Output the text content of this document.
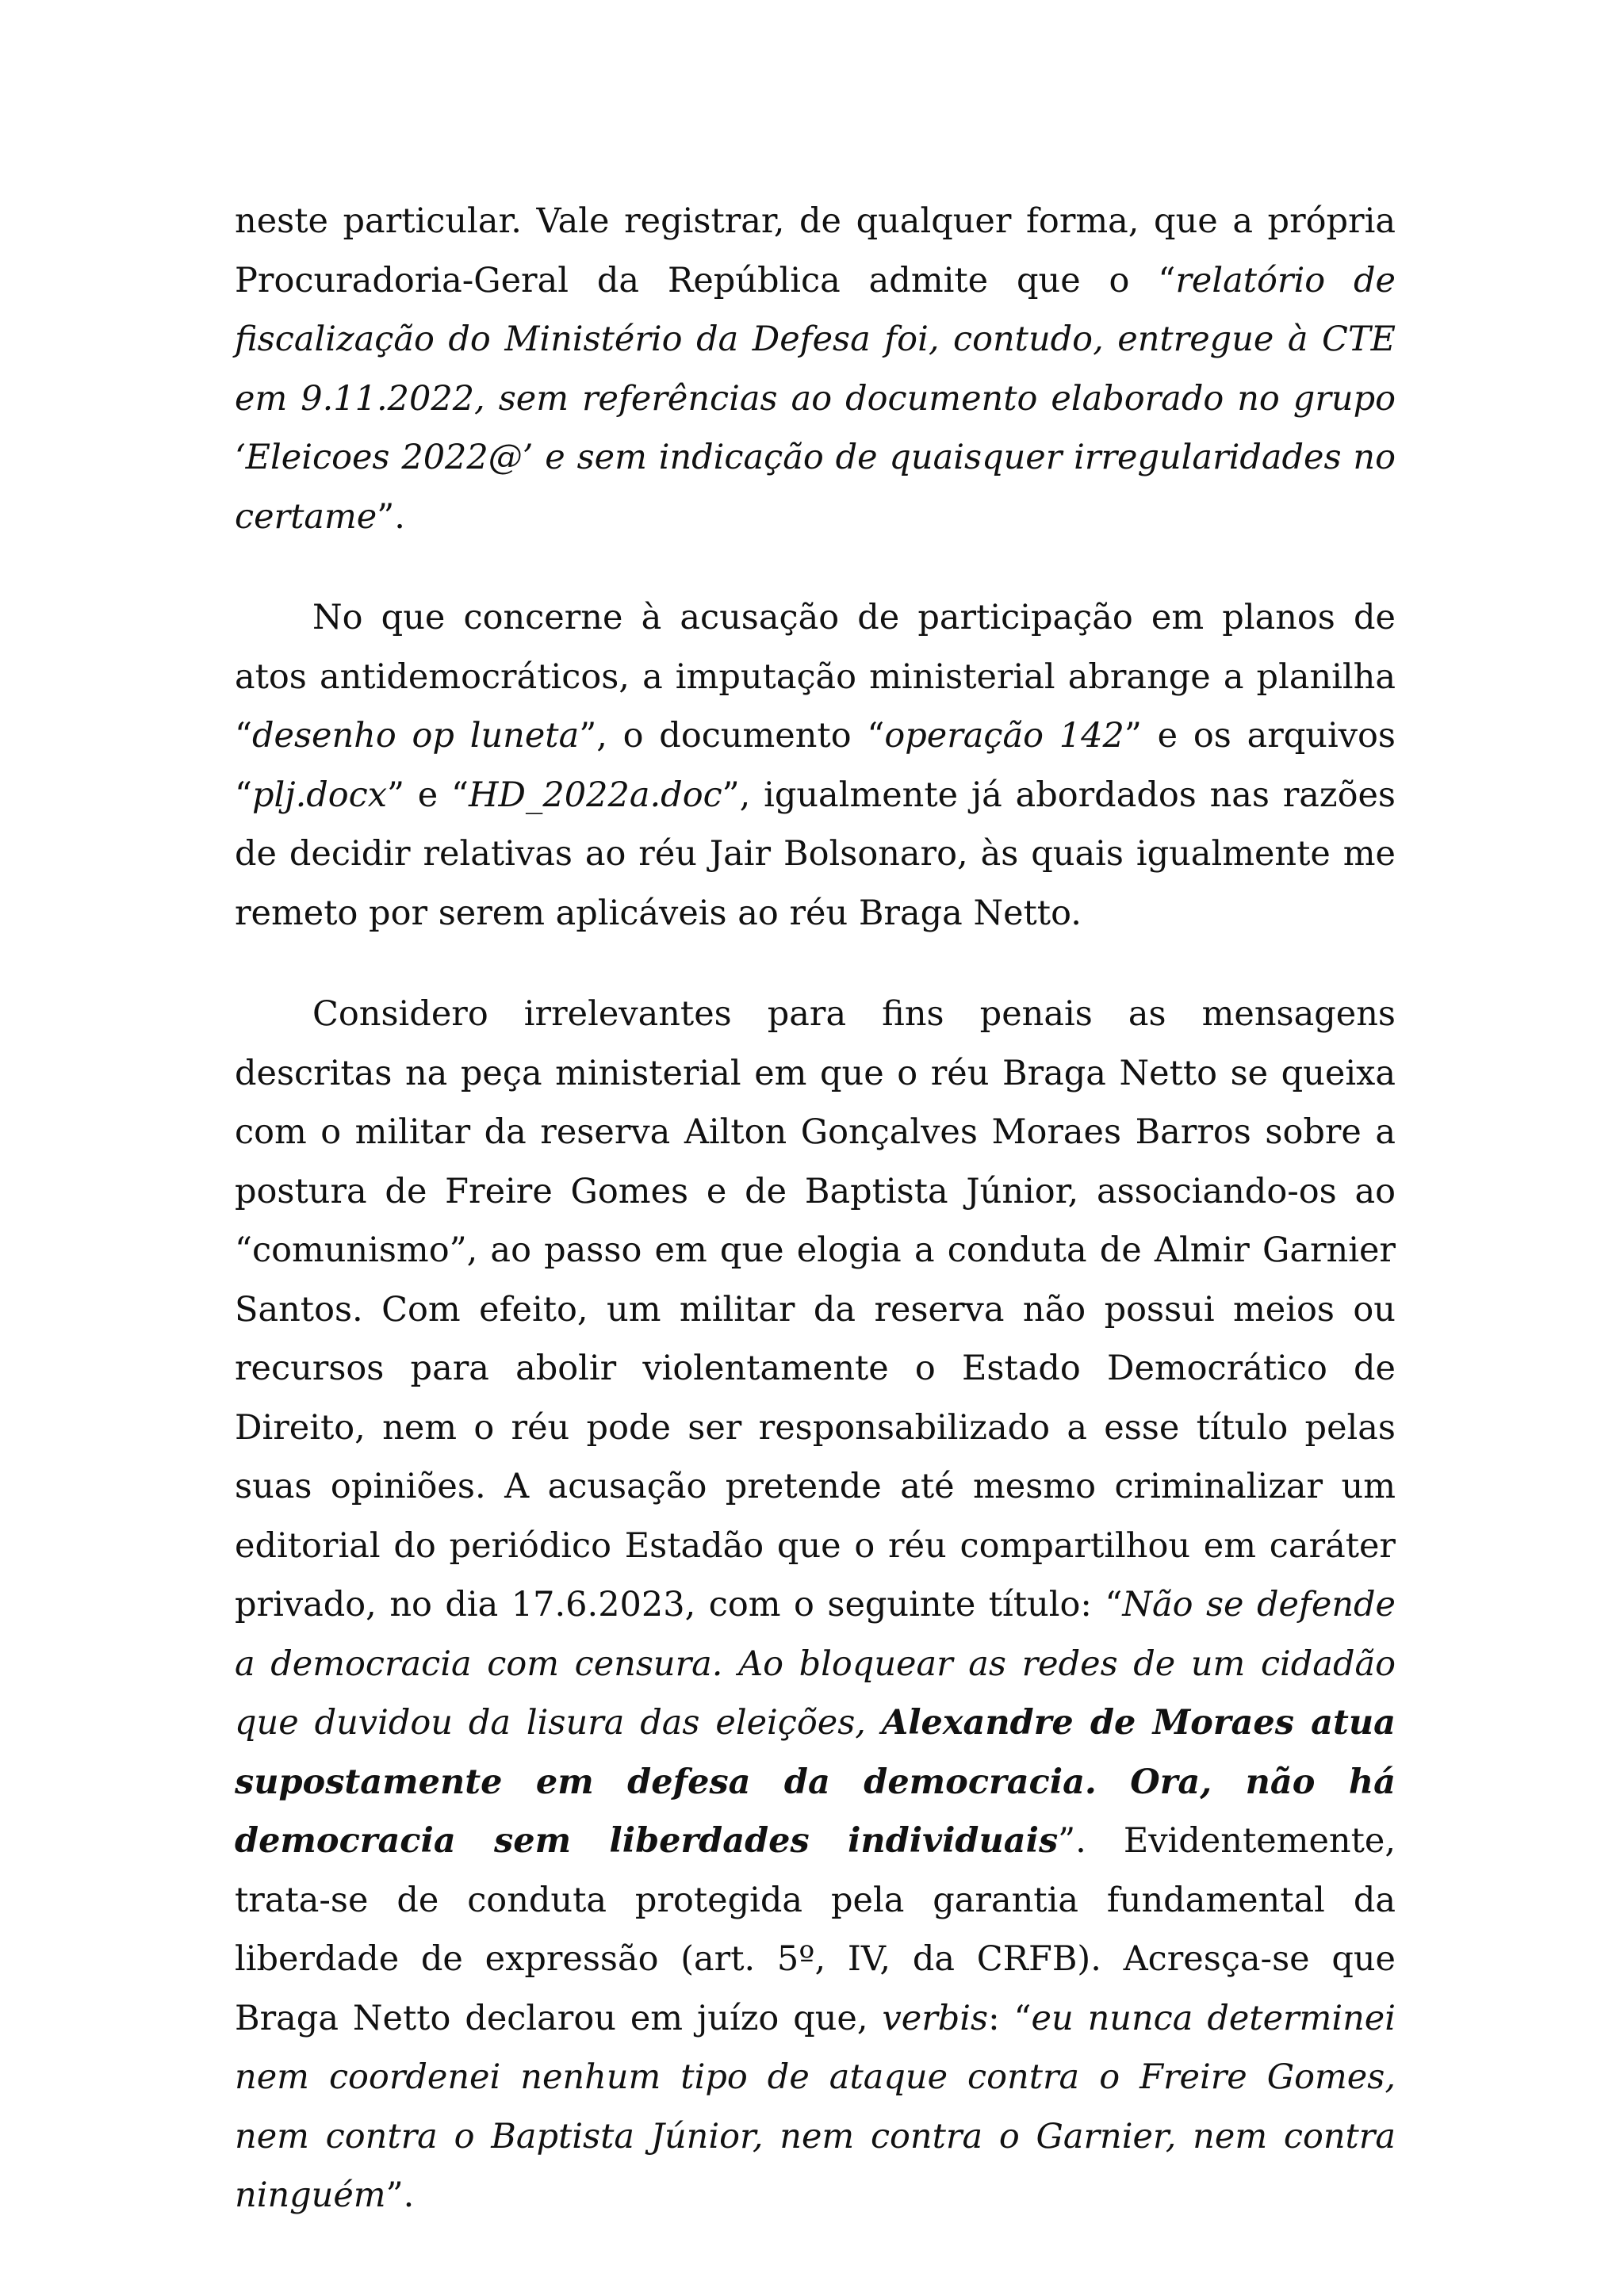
neste particular. Vale registrar, de qualquer forma, que a própria Procuradoria-Geral da República admite que o “relatório de fiscalização do Ministério da Defesa foi, contudo, entregue à CTE em 9.11.2022, sem referências ao documento elaborado no grupo ‘Eleicoes 2022@’ e sem indicação de quaisquer irregularidades no certame”.

No que concerne à acusação de participação em planos de atos antidemocráticos, a imputação ministerial abrange a planilha “desenho op luneta”, o documento “operação 142” e os arquivos “plj.docx” e “HD_2022a.doc”, igualmente já abordados nas razões de decidir relativas ao réu Jair Bolsonaro, às quais igualmente me remeto por serem aplicáveis ao réu Braga Netto.

Considero irrelevantes para fins penais as mensagens descritas na peça ministerial em que o réu Braga Netto se queixa com o militar da reserva Ailton Gonçalves Moraes Barros sobre a postura de Freire Gomes e de Baptista Júnior, associando-os ao “comunismo”, ao passo em que elogia a conduta de Almir Garnier Santos. Com efeito, um militar da reserva não possui meios ou recursos para abolir violentamente o Estado Democrático de Direito, nem o réu pode ser responsabilizado a esse título pelas suas opiniões. A acusação pretende até mesmo criminalizar um editorial do periódico Estadão que o réu compartilhou em caráter privado, no dia 17.6.2023, com o seguinte título: “Não se defende a democracia com censura. Ao bloquear as redes de um cidadão que duvidou da lisura das eleições, Alexandre de Moraes atua supostamente em defesa da democracia. Ora, não há democracia sem liberdades individuais”. Evidentemente, trata-se de conduta protegida pela garantia fundamental da liberdade de expressão (art. 5º, IV, da CRFB). Acresça-se que Braga Netto declarou em juízo que, verbis: “eu nunca determinei nem coordenei nenhum tipo de ataque contra o Freire Gomes, nem contra o Baptista Júnior, nem contra o Garnier, nem contra ninguém”.
